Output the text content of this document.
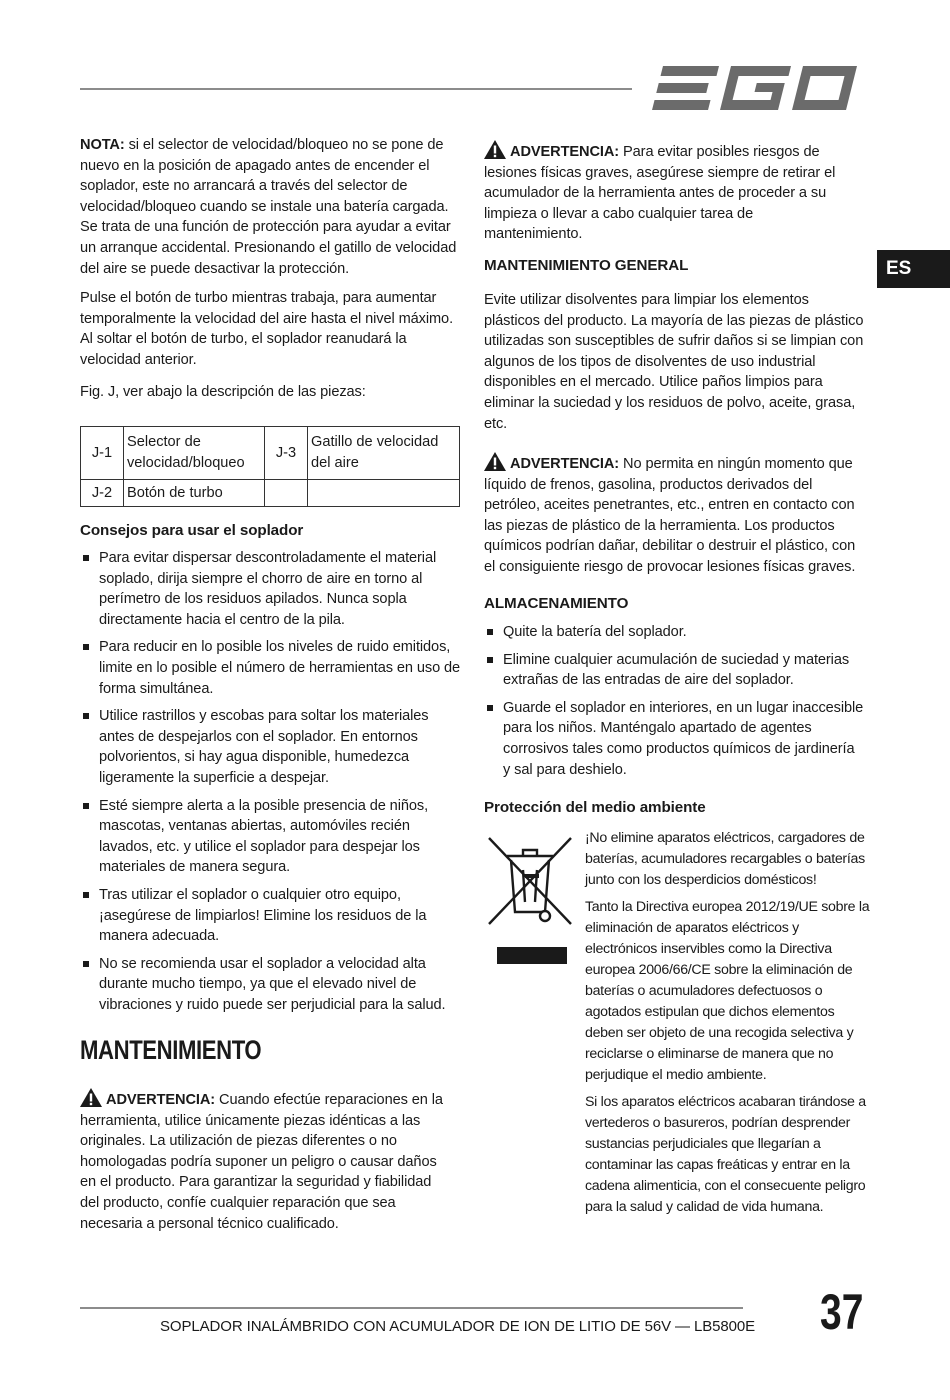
ES

NOTA: si el selector de velocidad/bloqueo no se pone de nuevo en la posición de apagado antes de encender el soplador, este no arrancará a través del selector de velocidad/bloqueo cuando se instale una batería cargada. Se trata de una función de protección para ayudar a evitar un arranque accidental. Presionando el gatillo de velocidad del aire se puede desactivar la protección.

Pulse el botón de turbo mientras trabaja, para aumentar temporalmente la velocidad del aire hasta el nivel máximo. Al soltar el botón de turbo, el soplador reanudará la velocidad anterior.
Fig. J, ver abajo la descripción de las piezas:
J-1	Selector de velocidad/bloqueo	J-3	Gatillo de velocidad del aire
J-2	Botón de turbo		
Consejos para usar el soplador
Para evitar dispersar descontroladamente el material soplado, dirija siempre el chorro de aire en torno al perímetro de los residuos apilados. Nunca sopla directamente hacia el centro de la pila.
Para reducir en lo posible los niveles de ruido emitidos, limite en lo posible el número de herramientas en uso de forma simultánea.
Utilice rastrillos y escobas para soltar los materiales antes de despejarlos con el soplador. En entornos polvorientos, si hay agua disponible, humedezca ligeramente la superficie a despejar.
Esté siempre alerta a la posible presencia de niños, mascotas, ventanas abiertas, automóviles recién lavados, etc. y utilice el soplador para despejar los materiales de manera segura.
Tras utilizar el soplador o cualquier otro equipo, ¡asegúrese de limpiarlos! Elimine los residuos de la manera adecuada.
No se recomienda usar el soplador a velocidad alta durante mucho tiempo, ya que el elevado nivel de vibraciones y ruido puede ser perjudicial para la salud.
MANTENIMIENTO

ADVERTENCIA: Cuando efectúe reparaciones en la herramienta, utilice únicamente piezas idénticas a las originales. La utilización de piezas diferentes o no homologadas podría suponer un peligro o causar daños en el producto. Para garantizar la seguridad y fiabilidad del producto, confíe cualquier reparación que sea necesaria a personal técnico cualificado.

ADVERTENCIA: Para evitar posibles riesgos de lesiones físicas graves, asegúrese siempre de retirar el acumulador de la herramienta antes de proceder a su limpieza o llevar a cabo cualquier tarea de mantenimiento.

MANTENIMIENTO GENERAL
Evite utilizar disolventes para limpiar los elementos plásticos del producto. La mayoría de las piezas de plástico utilizadas son susceptibles de sufrir daños si se limpian con algunos de los tipos de disolventes de uso industrial disponibles en el mercado. Utilice paños limpios para eliminar la suciedad y los residuos de polvo, aceite, grasa, etc.

ADVERTENCIA: No permita en ningún momento que líquido de frenos, gasolina, productos derivados del petróleo, aceites penetrantes, etc., entren en contacto con las piezas de plástico de la herramienta. Los productos químicos podrían dañar, debilitar o destruir el plástico, con el consiguiente riesgo de provocar lesiones físicas graves.

ALMACENAMIENTO
Quite la batería del soplador.
Elimine cualquier acumulación de suciedad y materias extrañas de las entradas de aire del soplador.
Guarde el soplador en interiores, en un lugar inaccesible para los niños. Manténgalo apartado de agentes corrosivos tales como productos químicos de jardinería y sal para deshielo.
Protección del medio ambiente

¡No elimine aparatos eléctricos, cargadores de baterías, acumuladores recargables o baterías junto con los desperdicios domésticos!

Tanto la Directiva europea 2012/19/UE sobre la eliminación de aparatos eléctricos y electrónicos inservibles como la Directiva europea 2006/66/CE sobre la eliminación de baterías o acumuladores defectuosos o agotados estipulan que dichos elementos deben ser objeto de una recogida selectiva y reciclarse o eliminarse de manera que no perjudique el medio ambiente.

Si los aparatos eléctricos acabaran tirándose a vertederos o basureros, podrían desprender sustancias perjudiciales que llegarían a contaminar las capas freáticas y entrar en la cadena alimenticia, con el consecuente peligro para la salud y calidad de vida humana.

SOPLADOR INALÁMBRIDO CON ACUMULADOR DE ION DE LITIO DE 56V — LB5800E 37
